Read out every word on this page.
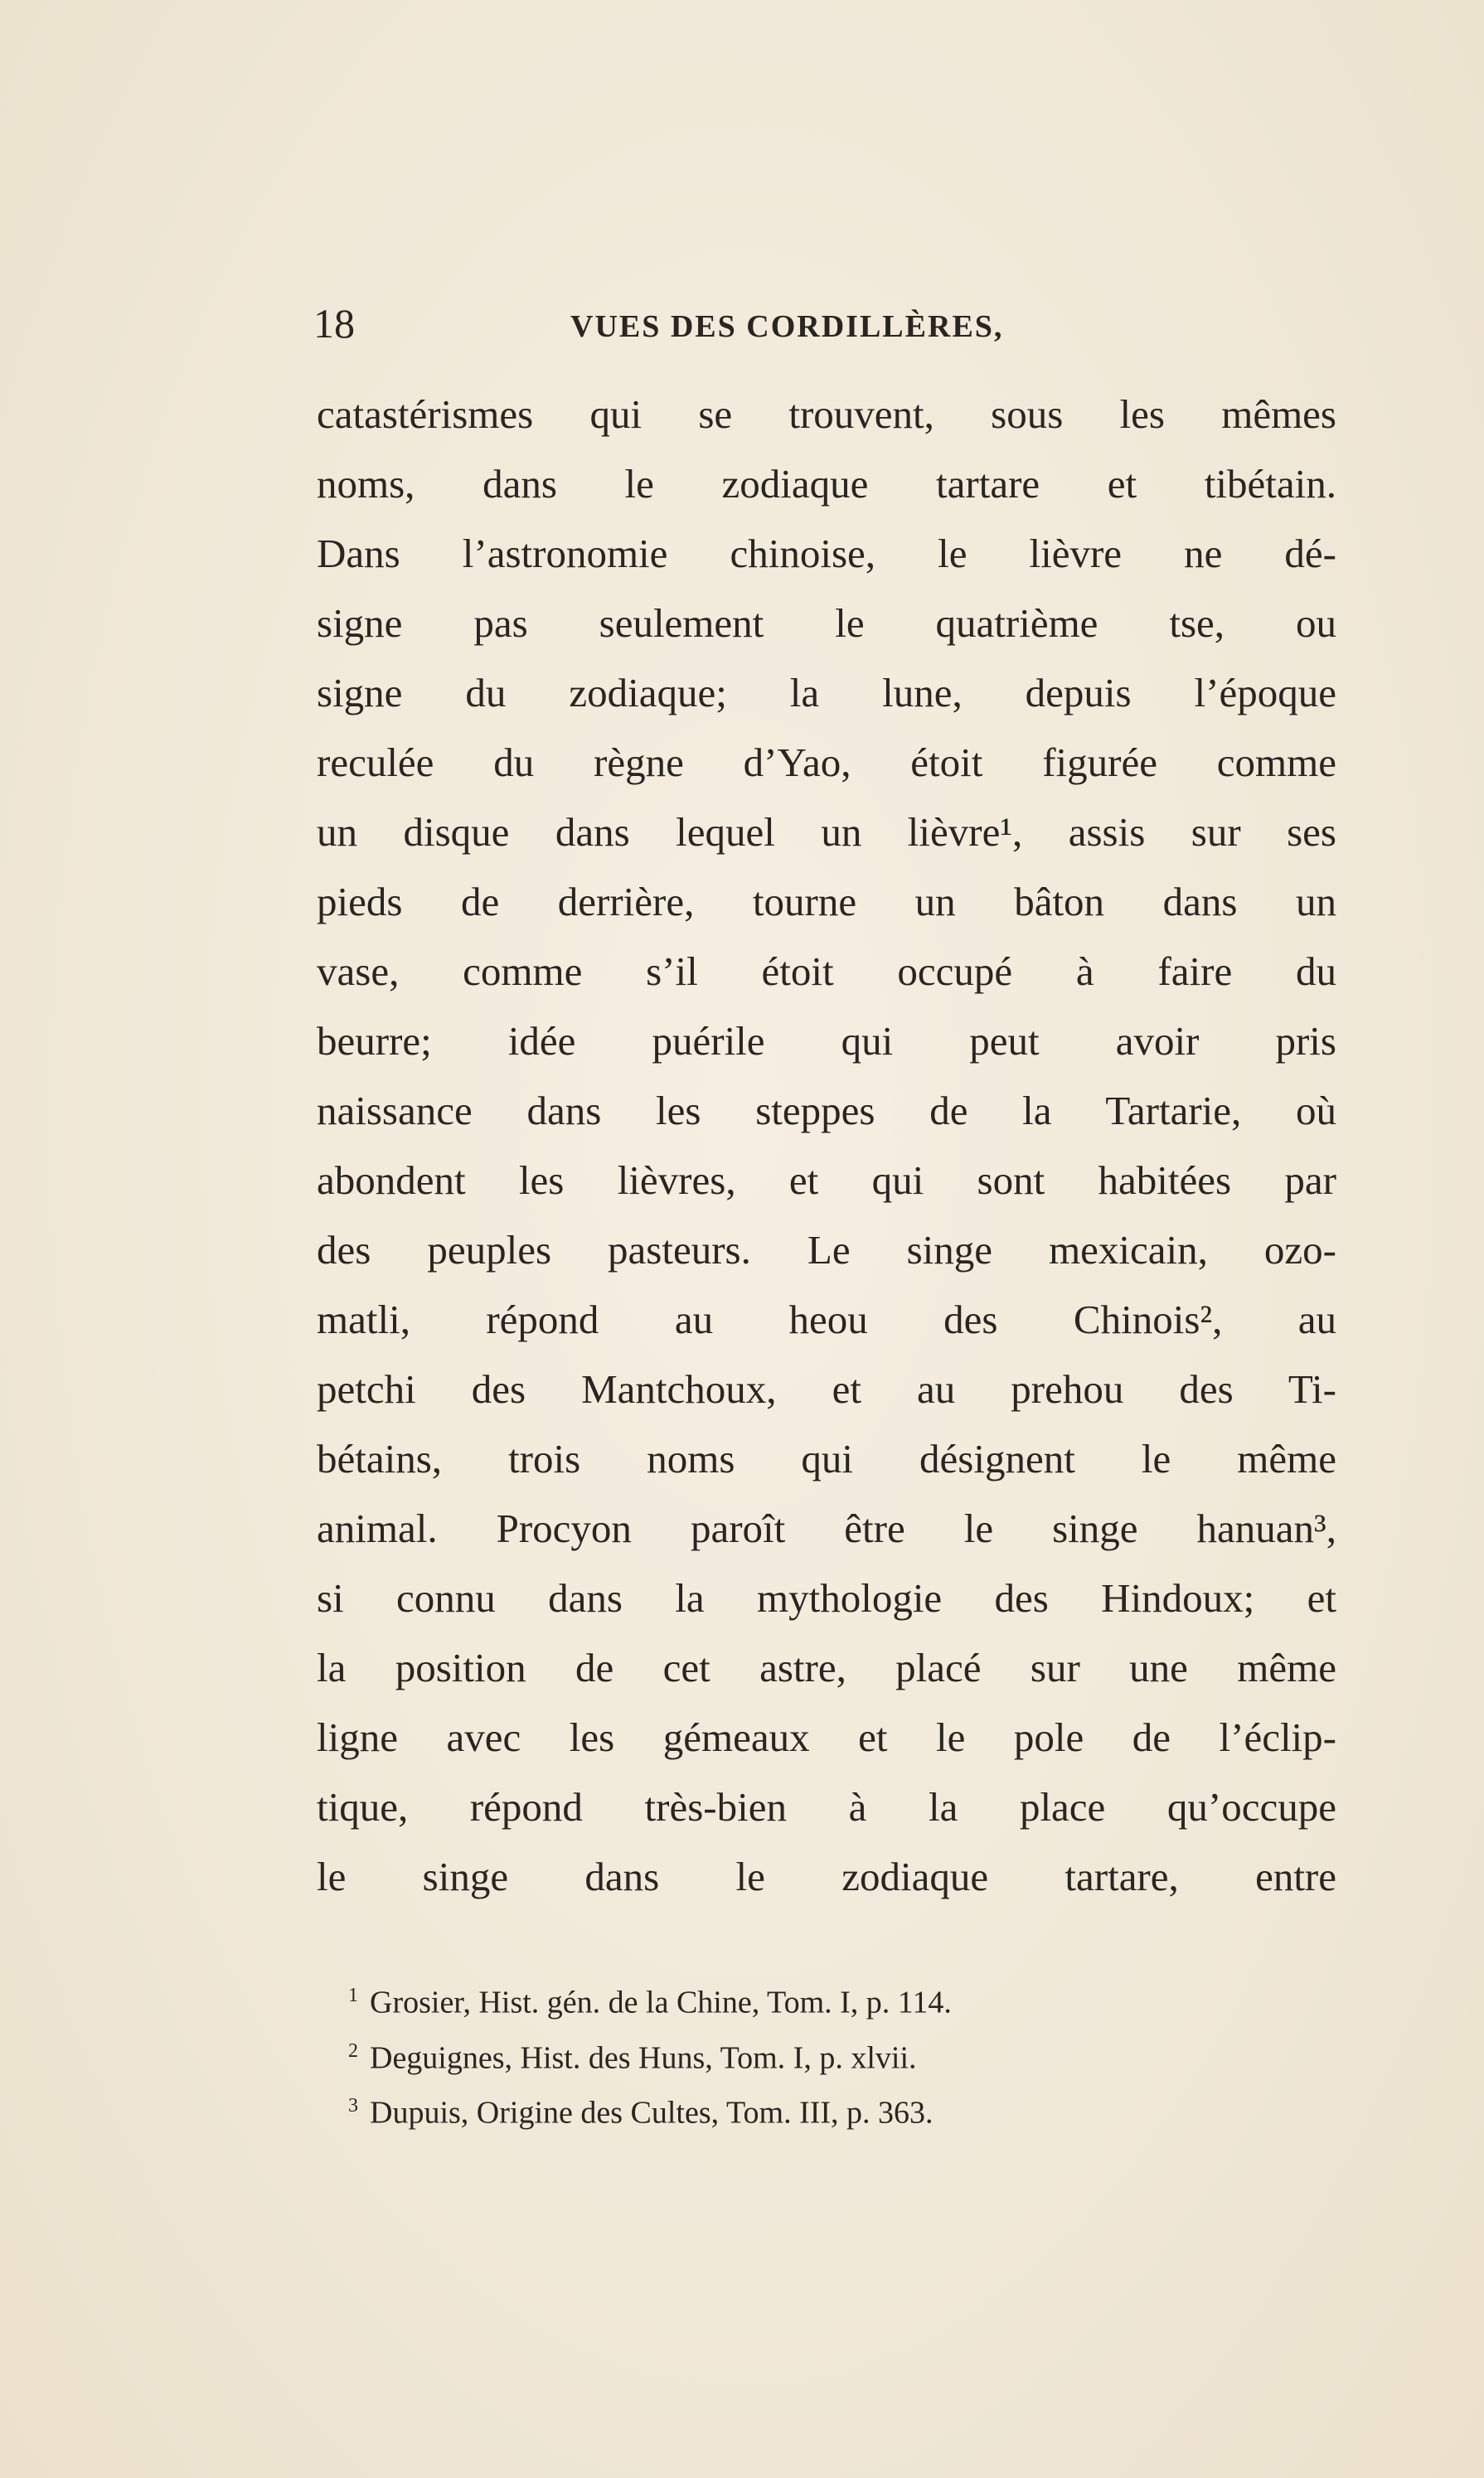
18	VUES DES CORDILLÈRES,
catastérismes qui se trouvent, sous les mêmes
noms, dans le zodiaque tartare et tibétain.
Dans l’astronomie chinoise, le lièvre ne dé-
signe pas seulement le quatrième tse, ou
signe du zodiaque; la lune, depuis l’époque
reculée du règne d’Yao, étoit figurée comme
un disque dans lequel un lièvre¹, assis sur ses
pieds de derrière, tourne un bâton dans un
vase, comme s’il étoit occupé à faire du
beurre; idée puérile qui peut avoir pris
naissance dans les steppes de la Tartarie, où
abondent les lièvres, et qui sont habitées par
des peuples pasteurs. Le singe mexicain, ozo-
matli, répond au heou des Chinois², au
petchi des Mantchoux, et au prehou des Ti-
bétains, trois noms qui désignent le même
animal. Procyon paroît être le singe hanuan³,
si connu dans la mythologie des Hindoux; et
la position de cet astre, placé sur une même
ligne avec les gémeaux et le pole de l’éclip-
tique, répond très-bien à la place qu’occupe
le singe dans le zodiaque tartare, entre
$^1$ Grosier, Hist. gén. de la Chine, Tom. I, p. 114.
$^2$ Deguignes, Hist. des Huns, Tom. I, p. xlvii.
$^3$ Dupuis, Origine des Cultes, Tom. III, p. 363.
